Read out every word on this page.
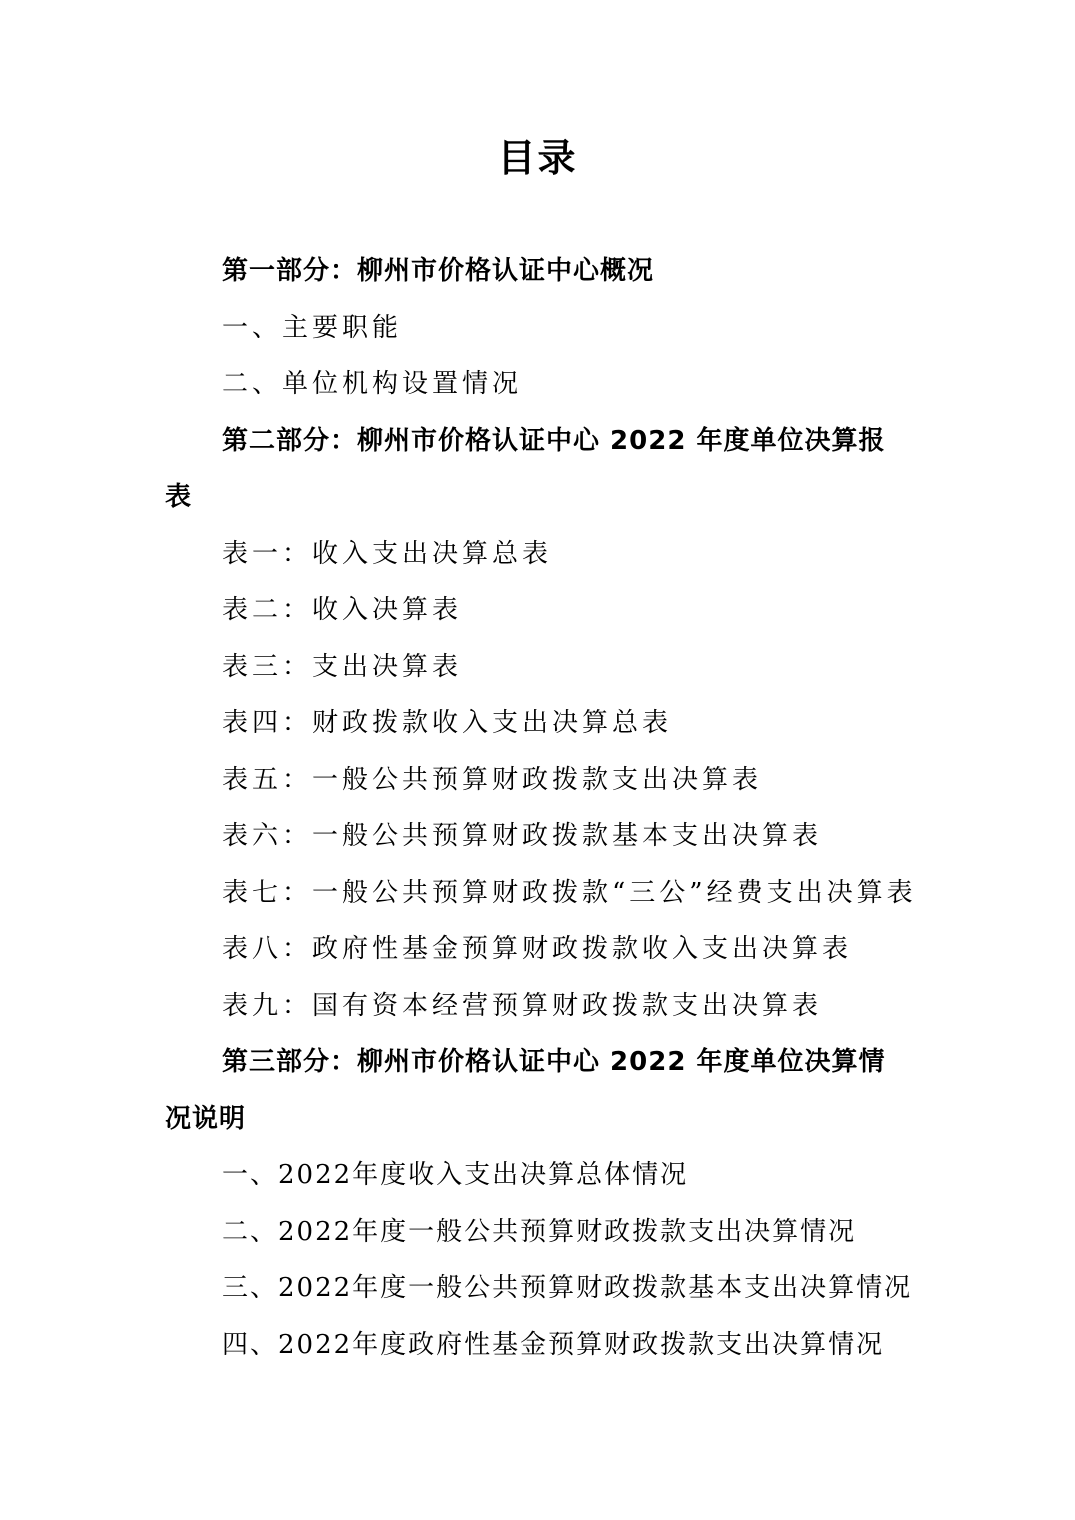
目录
第一部分：柳州市价格认证中心概况
一、主要职能
二、单位机构设置情况
第二部分：柳州市价格认证中心 2022 年度单位决算报
表
表一：收入支出决算总表
表二：收入决算表
表三：支出决算表
表四：财政拨款收入支出决算总表
表五：一般公共预算财政拨款支出决算表
表六：一般公共预算财政拨款基本支出决算表
表七：一般公共预算财政拨款“三公”经费支出决算表
表八：政府性基金预算财政拨款收入支出决算表
表九：国有资本经营预算财政拨款支出决算表
第三部分：柳州市价格认证中心 2022 年度单位决算情
况说明
一、2022年度收入支出决算总体情况
二、2022年度一般公共预算财政拨款支出决算情况
三、2022年度一般公共预算财政拨款基本支出决算情况
四、2022年度政府性基金预算财政拨款支出决算情况
